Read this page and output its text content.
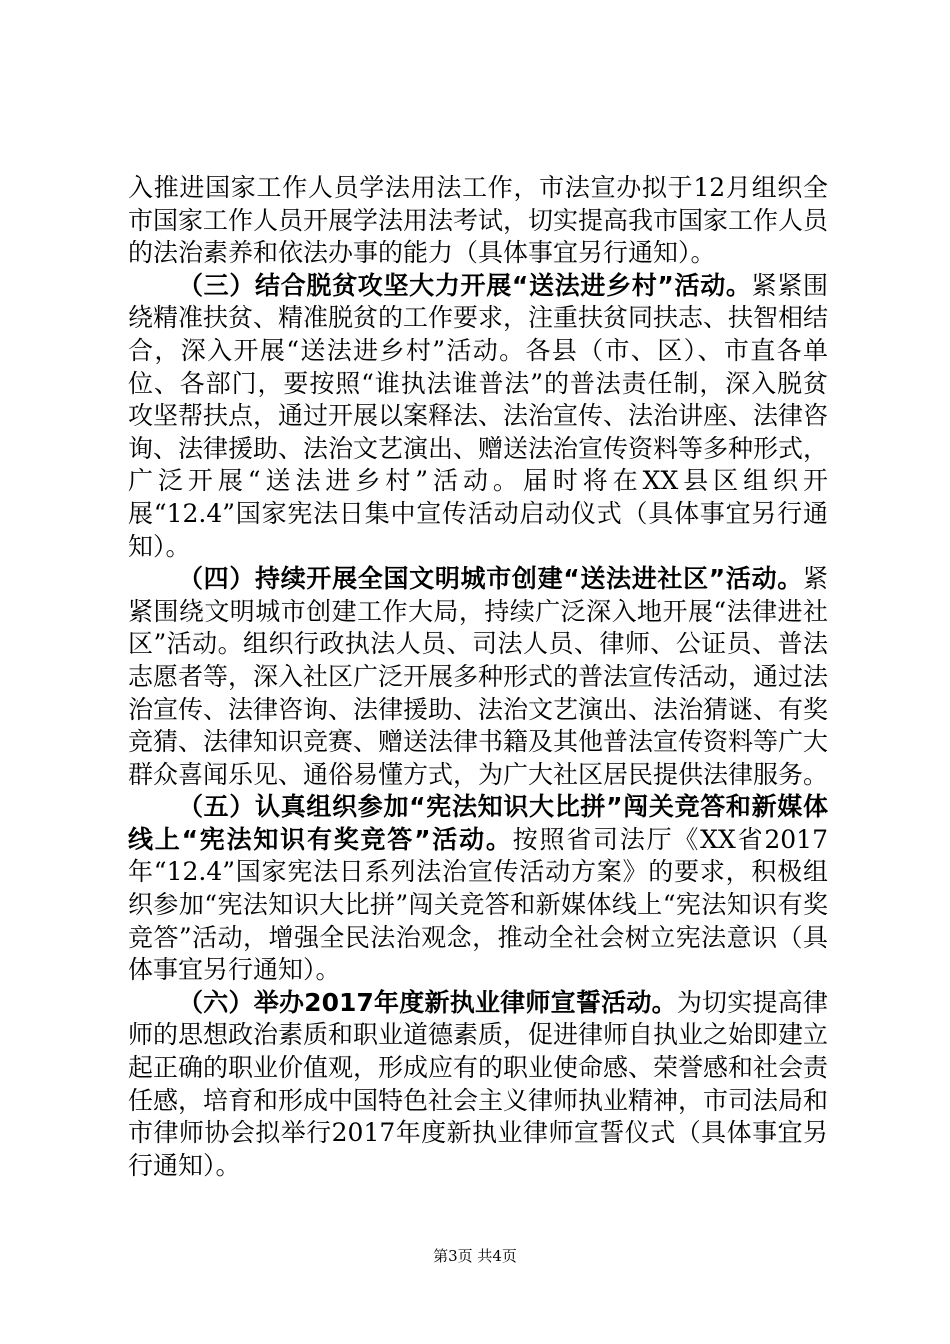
入推进国家工作人员学法用法工作，市法宣办拟于12月组织全市国家工作人员开展学法用法考试，切实提高我市国家工作人员的法治素养和依法办事的能力（具体事宜另行通知）。

（三）结合脱贫攻坚大力开展“送法进乡村”活动。紧紧围绕精准扶贫、精准脱贫的工作要求，注重扶贫同扶志、扶智相结合，深入开展“送法进乡村”活动。各县（市、区）、市直各单位、各部门，要按照“谁执法谁普法”的普法责任制，深入脱贫攻坚帮扶点，通过开展以案释法、法治宣传、法治讲座、法律咨询、法律援助、法治文艺演出、赠送法治宣传资料等多种形式，广泛开展“送法进乡村”活动。届时将在XX县区组织开展“12.4”国家宪法日集中宣传活动启动仪式（具体事宜另行通知）。

（四）持续开展全国文明城市创建“送法进社区”活动。紧紧围绕文明城市创建工作大局，持续广泛深入地开展“法律进社区”活动。组织行政执法人员、司法人员、律师、公证员、普法志愿者等，深入社区广泛开展多种形式的普法宣传活动，通过法治宣传、法律咨询、法律援助、法治文艺演出、法治猜谜、有奖竞猜、法律知识竞赛、赠送法律书籍及其他普法宣传资料等广大群众喜闻乐见、通俗易懂方式，为广大社区居民提供法律服务。

（五）认真组织参加“宪法知识大比拼”闯关竞答和新媒体线上“宪法知识有奖竞答”活动。按照省司法厅《XX省2017年“12.4”国家宪法日系列法治宣传活动方案》的要求，积极组织参加“宪法知识大比拼”闯关竞答和新媒体线上“宪法知识有奖竞答”活动，增强全民法治观念，推动全社会树立宪法意识（具体事宜另行通知）。

（六）举办2017年度新执业律师宣誓活动。为切实提高律师的思想政治素质和职业道德素质，促进律师自执业之始即建立起正确的职业价值观，形成应有的职业使命感、荣誉感和社会责任感，培育和形成中国特色社会主义律师执业精神，市司法局和市律师协会拟举行2017年度新执业律师宣誓仪式（具体事宜另行通知）。

第3页 共4页
